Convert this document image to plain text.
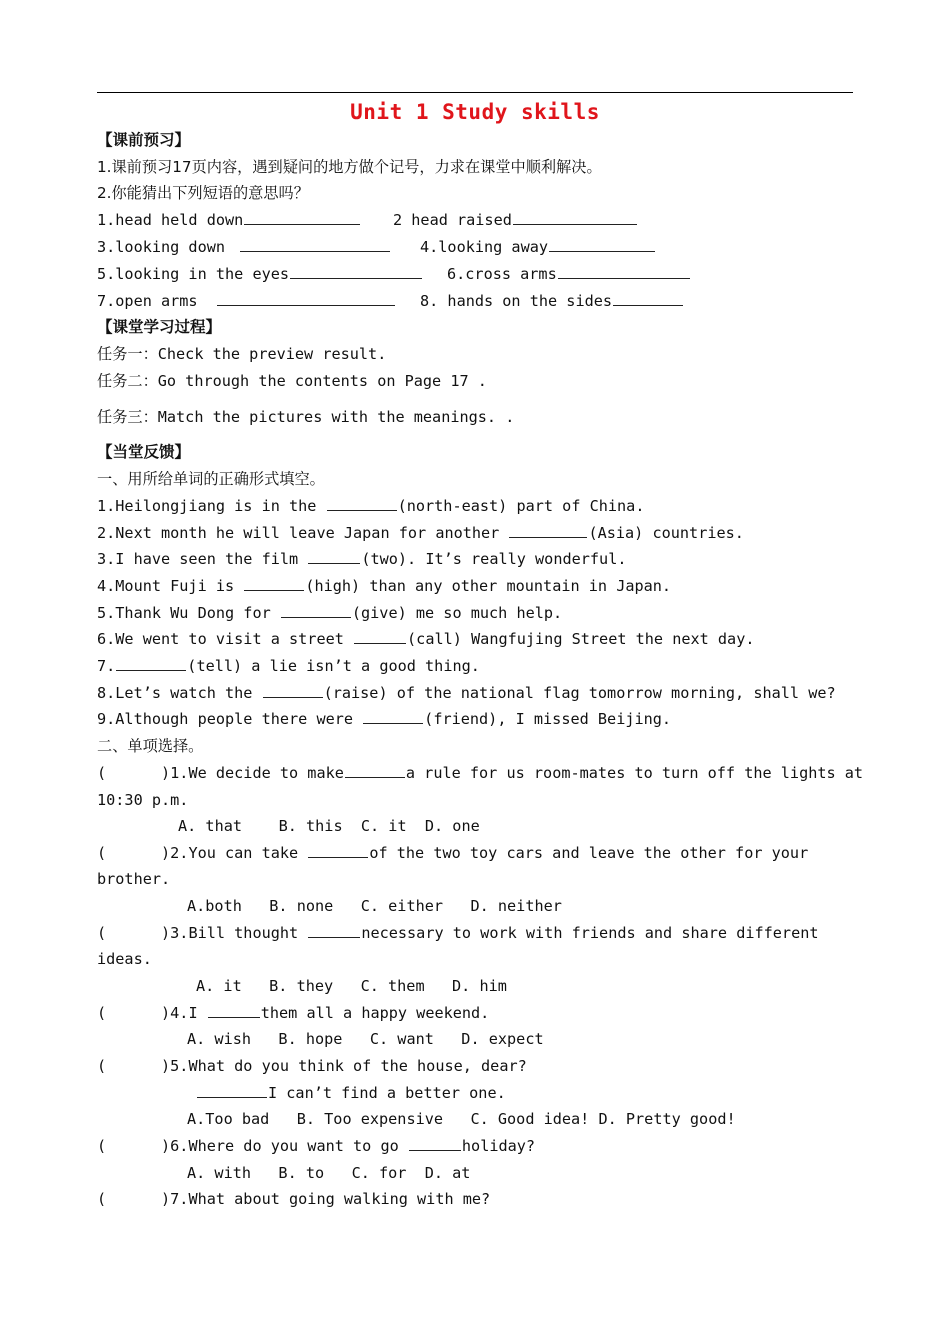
Unit 1 Study skills
【课前预习】
1.课前预习17页内容，遇到疑问的地方做个记号，力求在课堂中顺利解决。
2.你能猜出下列短语的意思吗？
1.head held down	2 head raised
3.looking down	4.looking away
5.looking in the eyes	6.cross arms
7.open arms	8. hands on the sides
【课堂学习过程】
任务一：Check the preview result.
任务二：Go through the contents on Page 17 .
任务三：Match the pictures with the meanings. .
【当堂反馈】
一、用所给单词的正确形式填空。
1.Heilongjiang is in the	(north-east) part of China.
2.Next month he will leave Japan for another	(Asia) countries.
3.I have seen the film	(two). It’s really wonderful.
4.Mount Fuji is	(high) than any other mountain in Japan.
5.Thank Wu Dong for	(give) me so much help.
6.We went to visit a street	(call) Wangfujing Street the next day.
7.	(tell) a lie isn’t a good thing.
8.Let’s watch the	(raise) of the national flag tomorrow morning, shall we?
9.Although people there were	(friend), I missed Beijing.
二、单项选择。
(      )1.We decide to make	a rule for us room-mates to turn off the lights at
10:30 p.m.
A. that    B. this  C. it  D. one
(      )2.You can take	of the two toy cars and leave the other for your
brother.
A.both   B. none   C. either   D. neither
(      )3.Bill thought	necessary to work with friends and share different
ideas.
A. it   B. they   C. them   D. him
(      )4.I	them all a happy weekend.
A. wish   B. hope   C. want   D. expect
(      )5.What do you think of the house, dear?
I can’t find a better one.
A.Too bad   B. Too expensive   C. Good idea! D. Pretty good!
(      )6.Where do you want to go	holiday?
A. with   B. to   C. for  D. at
(      )7.What about going walking with me?
